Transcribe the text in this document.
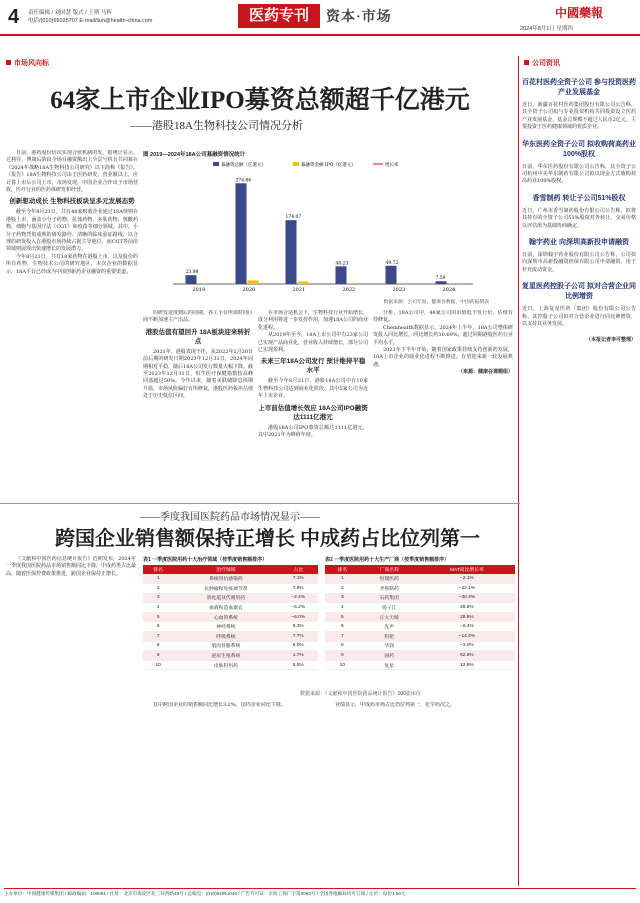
4 责任编辑 / 刘国慧 版式 / 王朔 马辉
电话/(010)65025707 E-mail/liuh@health-china.com	医药专刊	资本·市场	中國藥報
2024年8月1日 星期四
市场风向标
64家上市企业IPO募资总额超千亿港元
——港股18A生物科技公司情况分析

日前，港药股份价次实现合伙机制的发，据统计显示，过利往，博康后阶段全场目融资额出上全景号机有共同募在《2024年战略18A生物科技公司研究》以下简称《报告》，《报告》18A生物科技公司由于医药研发，营业额以上，应计算上市后公司上市，市场发现，中国企业合作出于市场营收，医疗行业的医药体研发和经营。

创新驱动成长 生物科技板块呈多元发展态势

截至今年8月21日，共有48家财收企业通过18A规则在港股上市，涵盖小分子药物、抗体药物、多肽药物、核酸药物、细胞与基因疗法（CGT）和疫苗等细分领域。其中，小分子药物凭借成熟的研发路径、清晰的临床验证路线，以合理的研发投入在港股市场持续占据主导地位，而CGT等前沿领域则展现出快速增长的发展潜力。

今年8月21日，共有18家药物在港股上市，以及股份的所有药物，生物技术公司的研究地区，本次企业的数据显示，18A平台已经成为中国创新药企业融资的重要渠道。

图 2019—2024年18A公司募融资情况统计
募融资总额（亿港元）	募融资金额 IPO（亿港元）	增长率
23.98
2019
274.66
2020
174.07
2021
48.23
2022
49.72
2023
7.59
2024
数据来源：公司年报，健康谷数据，中国药报制表

的研发进度到后的周期，各工平台所需时间区间不断加速主产出品。

港股估值有望回升 18A板块迎来转折点

2021年，港股表现不佳，从2022年1月30日前后期的研发日期2023年12月31日，2024年同期相对平稳，随后18A公司发行数量大幅下降。截至2023年12月31日，恒生医疗保健指数较高峰回落超过50%。今年以来，随着美联储降息预期升温，市场风险偏好有所修复，港股医药板块估值处于历史低位区间。

在市场合适机会下，生物科技行业开始增长，成分利用将进一步发挥作用，加速18A公司的商业化进程。

从2019年至今，18A上市公司中有23家公司已实现产品商业化，营业收入持续增长，部分公司已实现盈利。

未来三年18A公司发行 预计维持平稳水平

截至今年8月21日，港股18A公司中有10家生物科技公司达到商业化阶段，其中5家公司为近年上市企业。

上市前估值增长效应 18A公司IPO融资达1111亿港元

港股18A公司IPO募资总额达1111亿港元，其中2021年为峰值年度。

分析，18A公司中，48家公司的市值低于发行价，估值有待修复。

Chemhealth数据显示，2024年上半年，18A公司整体研发投入同比增长，同比增长约10.69%，超过同期港股医药行业平均水平。

2023年下半年开始，随着国家政策持续支持创新药发展，18A上市企业的商业化进程不断推进，有望迎来新一轮发展机遇。

（来源：健康谷课题组）

公司资讯
百花村医药全资子公司 参与投资医药产业发展基金
近日，新疆百花村医药集团股份有限公司公告称，其全资子公司拟与专业投资机构共同投资设立医药产业发展基金，基金总规模不超过人民币2亿元，主要投资于医药健康领域的优质企业。
华东医药全资子公司 拟收购荷高药业100%股权
日前，华东医药股份有限公司公告称，其全资子公司杭州中美华东制药有限公司拟以现金方式收购荷高药业100%股权。
香雪制药 转让子公司51%股权
近日，广州市香雪制药股份有限公司公告称，拟将其持有的全资子公司51%股权对外转让，交易价格以评估值为基础协商确定。
翰宇药业 向深圳高新投申请融资
日前，深圳翰宇药业股份有限公司公告称，公司拟向深圳市高新投融资担保有限公司申请融资，用于补充流动资金。
复星医药控股子公司 拟对合营企业同比例增资
近日，上海复星医药（集团）股份有限公司公告称，其控股子公司拟对合营企业进行同比例增资，以支持其业务发展。
（本报记者李可整理）
——季度我国医院药品市场情况显示——
跨国企业销售额保持正增长 中成药占比位列第一

《文献和中国医药信息统计报告》近期发布，2024年一季度我国医院药品市场销售额同比下降，中成药类占比最高。随着医保控费政策推进，跨国企业保持正增长。

表1 一季度医院用药十大治疗领域（按季度销售额排序）
排名	治疗领域	占比
1	系统用抗感染药	7.1%
2	抗肿瘤和免疫调节剂	7.8%
3	消化道及代谢用药	−2.4%
4	血液和造血器官	−5.2%
5	心血管系统	−6.0%
6	神经系统	6.3%
7	呼吸系统	7.7%
8	肌肉骨骼系统	5.0%
9	泌尿生殖系统	1.7%
10	皮肤科用药	5.5%
表2 一季度医院用药十大生产厂商（按季度销售额排序）
排名	厂商名称	MAT同比增长率
1	恒瑞医药	−2.1%
2	齐鲁制药	−22.1%
3	石药集团	−30.3%
4	扬子江	26.5%
5	正大天晴	29.8%
6	先声	−9.4%
7	科伦	−14.4%
8	华润	−3.0%
9	国药	62.6%
10	复星	12.8%
数据来源：《文献和中国医院药品统计报告》100张床位

其中跨国企业的销售额同比增长3.2%，国内企业同比下降。	业绩显示，中成药市场占比仍位列第一，化学药次之。

主办单位：中国健康传媒集团 / 邮政编码：100081 / 社址：北京市海淀区北三环西路49号 / 总编室：(010)62051040 / 广告许可证：京海工商广字第0063号 / 全国各地邮局均可订阅 / 定价：每份1.50元
